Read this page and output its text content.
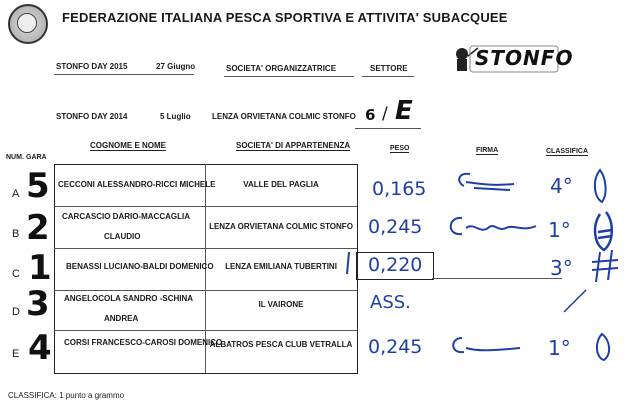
FEDERAZIONE ITALIANA PESCA SPORTIVA E ATTIVITA' SUBACQUEE
STONFO
STONFO DAY 2015	27 Giugno	SOCIETA' ORGANIZZATRICE	SETTORE
STONFO DAY 2014	5 Luglio	LENZA ORVIETANA COLMIC STONFO 6 / E
NUM. GARA
COGNOME E NOME	SOCIETA' DI APPARTENENZA	PESO	FIRMA	CLASSIFICA
A 5 CECCONI ALESSANDRO-RICCI MICHELE	VALLE DEL PAGLIA	0,165	4°
B 2 CARCASCIO DARIO-MACCAGLIA
CLAUDIO
LENZA ORVIETANA COLMIC STONFO 0,245	1°
C 1 BENASSI LUCIANO-BALDI DOMENICO	LENZA EMILIANA TUBERTINI	0,220	3°
D 3 ANGELOCOLA SANDRO -SCHINA
ANDREA
IL VAIRONE	ASS.
E 4 CORSI FRANCESCO-CAROSI DOMENICO
ALBATROS PESCA CLUB VETRALLA 0,245	1°
CLASSIFICA: 1 punto a grammo
